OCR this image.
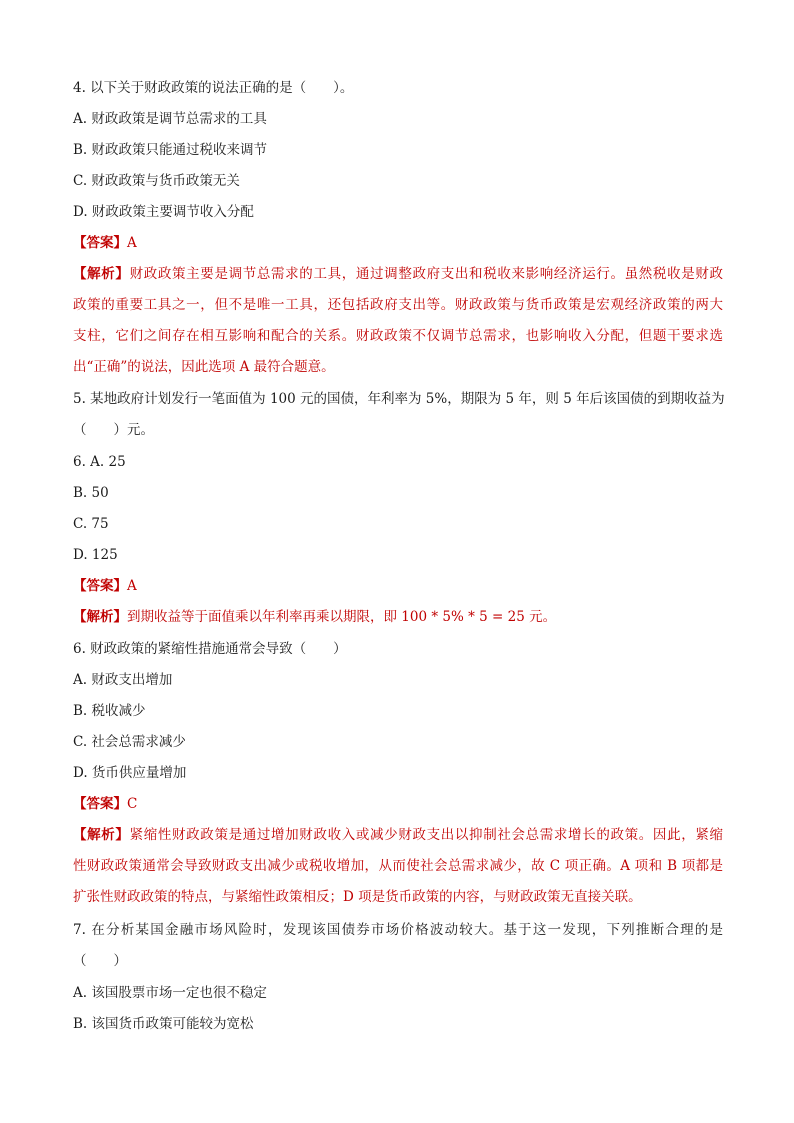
4. 以下关于财政政策的说法正确的是（　　）。
A. 财政政策是调节总需求的工具
B. 财政政策只能通过税收来调节
C. 财政政策与货币政策无关
D. 财政政策主要调节收入分配
【答案】A
【解析】财政政策主要是调节总需求的工具，通过调整政府支出和税收来影响经济运行。虽然税收是财政
政策的重要工具之一，但不是唯一工具，还包括政府支出等。财政政策与货币政策是宏观经济政策的两大
支柱，它们之间存在相互影响和配合的关系。财政政策不仅调节总需求，也影响收入分配，但题干要求选
出“正确”的说法，因此选项 A 最符合题意。
5. 某地政府计划发行一笔面值为 100 元的国债，年利率为 5%，期限为 5 年，则 5 年后该国债的到期收益为
（　　）元。
6. A. 25
B. 50
C. 75
D. 125
【答案】A
【解析】到期收益等于面值乘以年利率再乘以期限，即 100 * 5% * 5 = 25 元。
6. 财政政策的紧缩性措施通常会导致（　　）
A. 财政支出增加
B. 税收减少
C. 社会总需求减少
D. 货币供应量增加
【答案】C
【解析】紧缩性财政政策是通过增加财政收入或减少财政支出以抑制社会总需求增长的政策。因此，紧缩
性财政政策通常会导致财政支出减少或税收增加，从而使社会总需求减少，故 C 项正确。A 项和 B 项都是
扩张性财政政策的特点，与紧缩性政策相反；D 项是货币政策的内容，与财政政策无直接关联。
7. 在分析某国金融市场风险时，发现该国债券市场价格波动较大。基于这一发现，下列推断合理的是
（　　）
A. 该国股票市场一定也很不稳定
B. 该国货币政策可能较为宽松
